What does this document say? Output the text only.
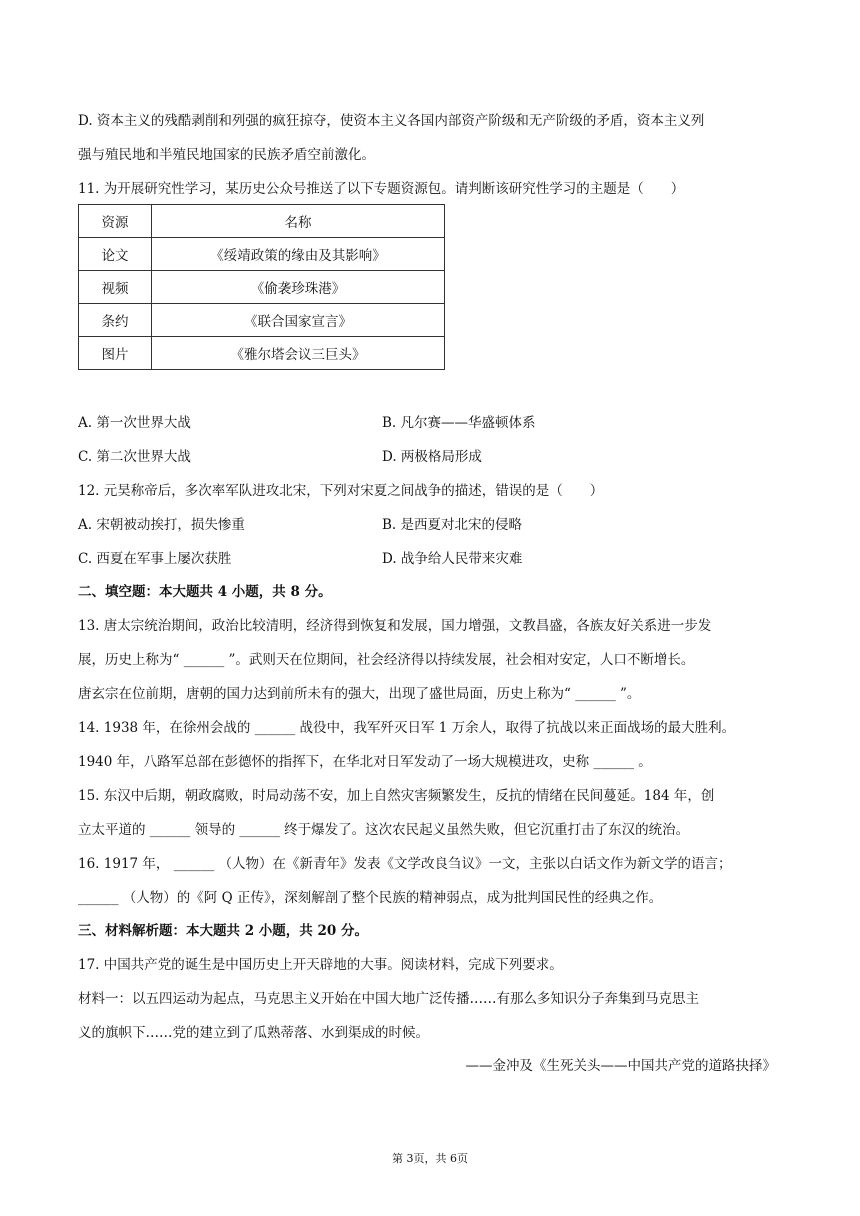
D. 资本主义的残酷剥削和列强的疯狂掠夺，使资本主义各国内部资产阶级和无产阶级的矛盾，资本主义列
强与殖民地和半殖民地国家的民族矛盾空前激化。
11. 为开展研究性学习，某历史公众号推送了以下专题资源包。请判断该研究性学习的主题是（　　）
资源	名称
论文	《绥靖政策的缘由及其影响》
视频	《偷袭珍珠港》
条约	《联合国家宣言》
图片	《雅尔塔会议三巨头》
A. 第一次世界大战	B. 凡尔赛——华盛顿体系
C. 第二次世界大战	D. 两极格局形成
12. 元昊称帝后，多次率军队进攻北宋，下列对宋夏之间战争的描述，错误的是（　　）
A. 宋朝被动挨打，损失惨重	B. 是西夏对北宋的侵略
C. 西夏在军事上屡次获胜	D. 战争给人民带来灾难
二、填空题：本大题共 4 小题，共 8 分。
13. 唐太宗统治期间，政治比较清明，经济得到恢复和发展，国力增强，文教昌盛，各族友好关系进一步发
展，历史上称为“ ______ ”。武则天在位期间，社会经济得以持续发展，社会相对安定，人口不断增长。
唐玄宗在位前期，唐朝的国力达到前所未有的强大，出现了盛世局面，历史上称为“ ______ ”。
14. 1938 年，在徐州会战的 ______ 战役中，我军歼灭日军 1 万余人，取得了抗战以来正面战场的最大胜利。
1940 年，八路军总部在彭德怀的指挥下，在华北对日军发动了一场大规模进攻，史称 ______ 。
15. 东汉中后期，朝政腐败，时局动荡不安，加上自然灾害频繁发生，反抗的情绪在民间蔓延。184 年，创
立太平道的 ______ 领导的 ______ 终于爆发了。这次农民起义虽然失败，但它沉重打击了东汉的统治。
16. 1917 年， ______ （人物）在《新青年》发表《文学改良刍议》一文，主张以白话文作为新文学的语言；
______ （人物）的《阿 Q 正传》，深刻解剖了整个民族的精神弱点，成为批判国民性的经典之作。
三、材料解析题：本大题共 2 小题，共 20 分。
17. 中国共产党的诞生是中国历史上开天辟地的大事。阅读材料，完成下列要求。
材料一：以五四运动为起点，马克思主义开始在中国大地广泛传播……有那么多知识分子奔集到马克思主
义的旗帜下……党的建立到了瓜熟蒂落、水到渠成的时候。
——金冲及《生死关头——中国共产党的道路抉择》
第 3页，共 6页
